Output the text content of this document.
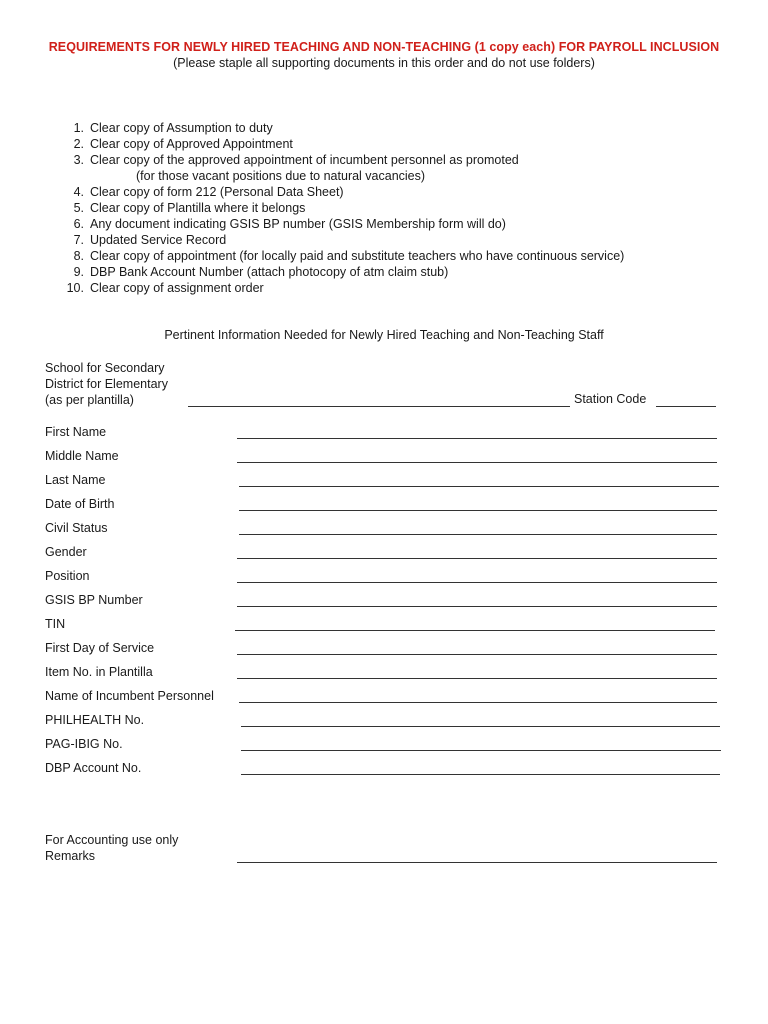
REQUIREMENTS FOR NEWLY HIRED TEACHING AND NON-TEACHING (1 copy each) FOR PAYROLL INCLUSION
(Please staple all supporting documents in this order and do not use folders)
1. Clear copy of Assumption to duty
2. Clear copy of Approved Appointment
3. Clear copy of the approved appointment of incumbent personnel as promoted
(for those vacant positions due to natural vacancies)
4. Clear copy of form 212 (Personal Data Sheet)
5. Clear copy of Plantilla where it belongs
6. Any document indicating GSIS BP number (GSIS Membership form will do)
7. Updated Service Record
8. Clear copy of appointment (for locally paid and substitute teachers who have continuous service)
9. DBP Bank Account Number (attach photocopy of atm claim stub)
10. Clear copy of assignment order
Pertinent Information Needed for Newly Hired Teaching and Non-Teaching Staff
School for Secondary
District for Elementary
(as per plantilla)	Station Code
First Name
Middle Name
Last Name
Date of Birth
Civil Status
Gender
Position
GSIS BP Number
TIN
First Day of Service
Item No. in Plantilla
Name of Incumbent Personnel
PHILHEALTH No.
PAG-IBIG No.
DBP Account No.
For Accounting use only
Remarks
